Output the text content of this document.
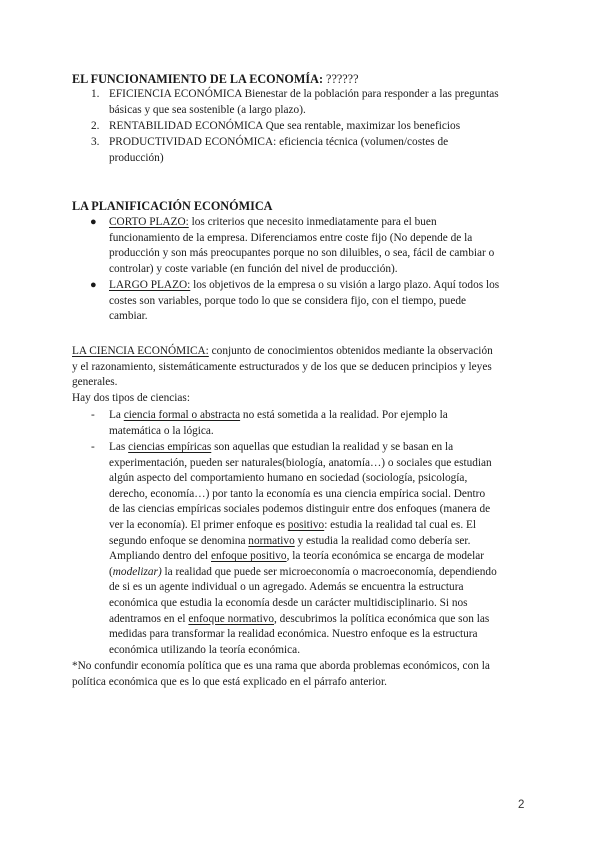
EL FUNCIONAMIENTO DE LA ECONOMÍA: ??????
1. EFICIENCIA ECONÓMICA Bienestar de la población para responder a las preguntas
básicas y que sea sostenible (a largo plazo).
2. RENTABILIDAD ECONÓMICA Que sea rentable, maximizar los beneficios
3. PRODUCTIVIDAD ECONÓMICA: eficiencia técnica (volumen/costes de
producción)
LA PLANIFICACIÓN ECONÓMICA
● CORTO PLAZO: los criterios que necesito inmediatamente para el buen
funcionamiento de la empresa. Diferenciamos entre coste fijo (No depende de la
producción y son más preocupantes porque no son diluibles, o sea, fácil de cambiar o
controlar) y coste variable (en función del nivel de producción).
● LARGO PLAZO: los objetivos de la empresa o su visión a largo plazo. Aquí todos los
costes son variables, porque todo lo que se considera fijo, con el tiempo, puede
cambiar.
LA CIENCIA ECONÓMICA: conjunto de conocimientos obtenidos mediante la observación
y el razonamiento, sistemáticamente estructurados y de los que se deducen principios y leyes
generales.
Hay dos tipos de ciencias:
- La ciencia formal o abstracta no está sometida a la realidad. Por ejemplo la
matemática o la lógica.
- Las ciencias empíricas son aquellas que estudian la realidad y se basan en la
experimentación, pueden ser naturales(biología, anatomía…) o sociales que estudian
algún aspecto del comportamiento humano en sociedad (sociología, psicología,
derecho, economía…) por tanto la economía es una ciencia empírica social. Dentro
de las ciencias empíricas sociales podemos distinguir entre dos enfoques (manera de
ver la economía). El primer enfoque es positivo: estudia la realidad tal cual es. El
segundo enfoque se denomina normativo y estudia la realidad como debería ser.
Ampliando dentro del enfoque positivo, la teoría económica se encarga de modelar
(modelizar) la realidad que puede ser microeconomía o macroeconomía, dependiendo
de si es un agente individual o un agregado. Además se encuentra la estructura
económica que estudia la economía desde un carácter multidisciplinario. Si nos
adentramos en el enfoque normativo, descubrimos la política económica que son las
medidas para transformar la realidad económica. Nuestro enfoque es la estructura
económica utilizando la teoría económica.
*No confundir economía política que es una rama que aborda problemas económicos, con la
política económica que es lo que está explicado en el párrafo anterior.
2
